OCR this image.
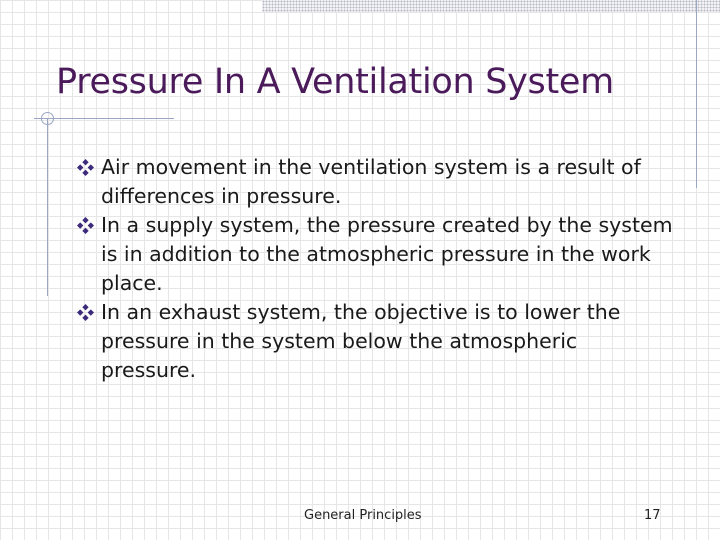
Pressure In A Ventilation System
Air movement in the ventilation system is a result of differences in pressure.
In a supply system, the pressure created by the system is in addition to the atmospheric pressure in the work place.
In an exhaust system, the objective is to lower the pressure in the system below the atmospheric pressure.
General Principles	17
